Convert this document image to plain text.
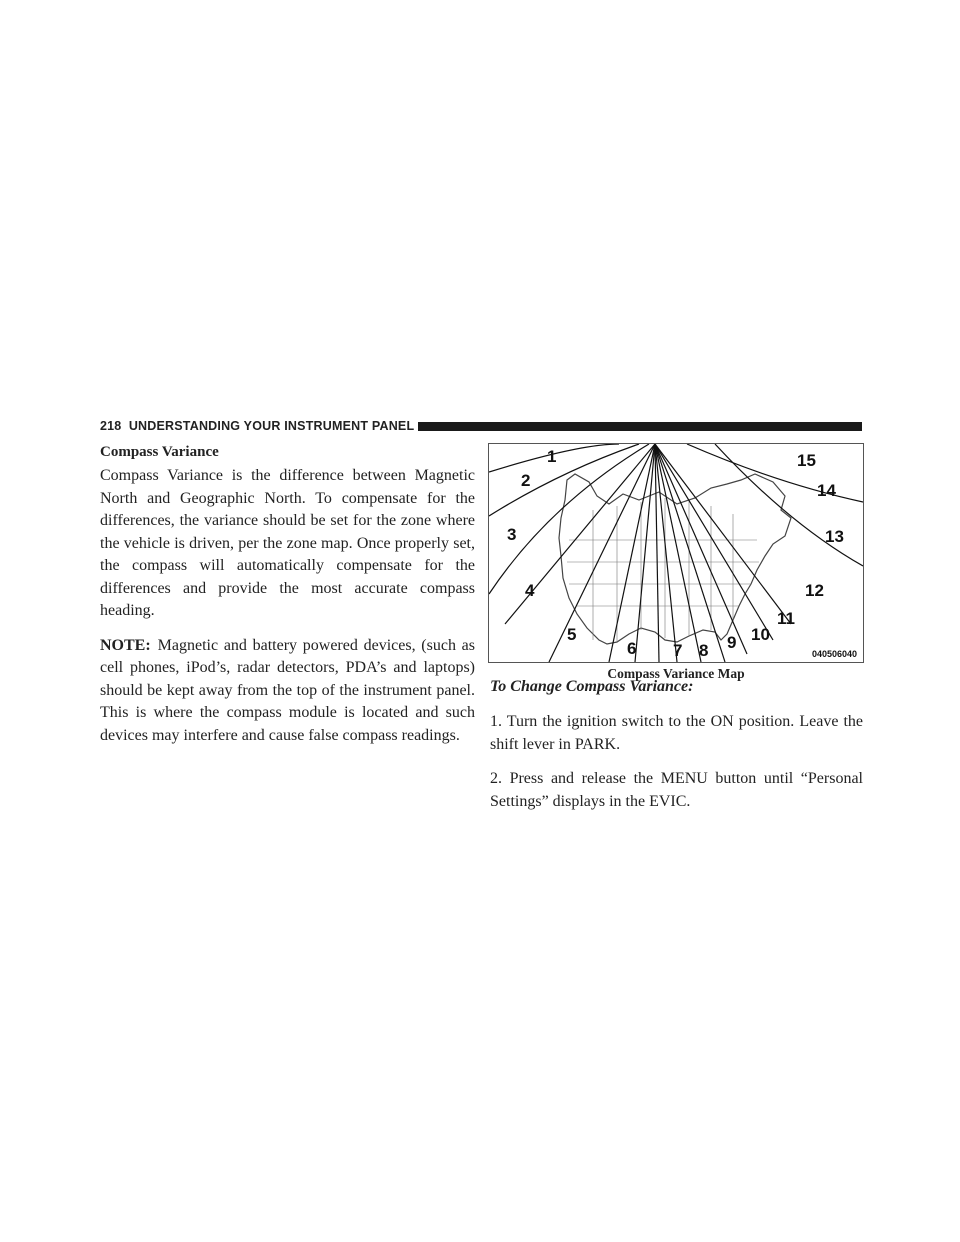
218 UNDERSTANDING YOUR INSTRUMENT PANEL
Compass Variance

Compass Variance is the difference between Magnetic North and Geographic North. To compensate for the differences, the variance should be set for the zone where the vehicle is driven, per the zone map. Once properly set, the compass will automatically compensate for the differences and provide the most accurate compass heading.

NOTE: Magnetic and battery powered devices, (such as cell phones, iPod’s, radar detectors, PDA’s and laptops) should be kept away from the top of the instrument panel. This is where the compass module is located and such devices may interfere and cause false compass readings.

1
2
3
4
5
6 7 8 9 10
11
12
13
14
15
040506040
Compass Variance Map
To Change Compass Variance:

1. Turn the ignition switch to the ON position. Leave the shift lever in PARK.

2. Press and release the MENU button until “Personal Settings” displays in the EVIC.
